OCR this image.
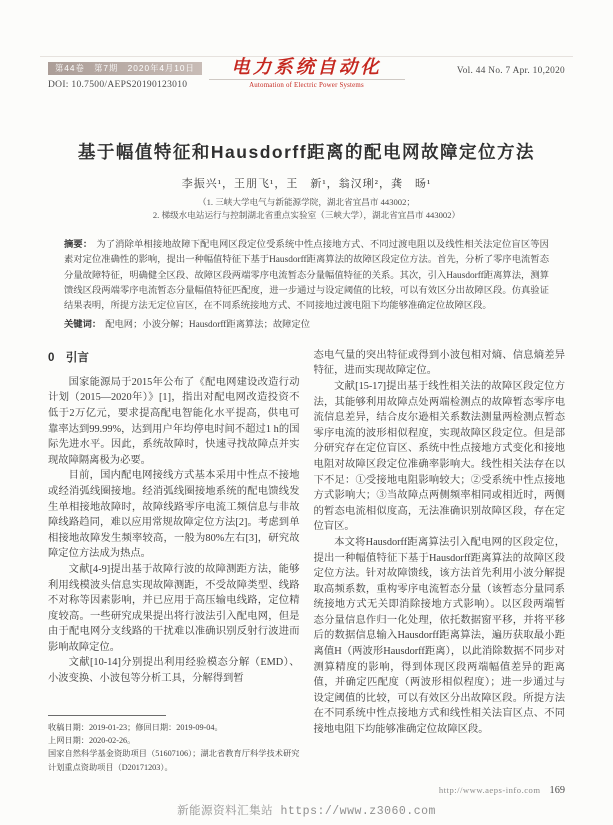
第44卷　第7期　2020年4月10日
DOI: 10.7500/AEPS20190123010
电力系统自动化
Automation of Electric Power Systems
Vol. 44 No. 7 Apr. 10,2020
基于幅值特征和Hausdorff距离的配电网故障定位方法
李振兴¹，王朋飞¹，王　新¹，翁汉琍²，龚　旸¹
（1. 三峡大学电气与新能源学院，湖北省宜昌市 443002；
2. 梯级水电站运行与控制湖北省重点实验室（三峡大学），湖北省宜昌市 443002）

摘要： 为了消除单相接地故障下配电网区段定位受系统中性点接地方式、不同过渡电阻以及线性相关法定位盲区等因素对定位准确性的影响，提出一种幅值特征下基于Hausdorff距离算法的故障区段定位方法。首先，分析了零序电流暂态分量故障特征，明确健全区段、故障区段两端零序电流暂态分量幅值特征的关系。其次，引入Hausdorff距离算法，测算馈线区段两端零序电流暂态分量幅值特征匹配度，进一步通过与设定阈值的比较，可以有效区分出故障区段。仿真验证结果表明，所提方法无定位盲区，在不同系统接地方式、不同接地过渡电阻下均能够准确定位故障区段。

关键词： 配电网；小波分解；Hausdorff距离算法；故障定位

0　引言

国家能源局于2015年公布了《配电网建设改造行动计划（2015—2020年）》[1]，指出对配电网改造投资不低于2万亿元，要求提高配电智能化水平提高，供电可靠率达到99.99%，达到用户年均停电时间不超过1 h的国际先进水平。因此，系统故障时，快速寻找故障点并实现故障隔离极为必要。

目前，国内配电网接线方式基本采用中性点不接地或经消弧线圈接地。经消弧线圈接地系统的配电馈线发生单相接地故障时，故障线路零序电流工频信息与非故障线路趋同，难以应用常规故障定位方法[2]。考虑到单相接地故障发生频率较高，一般为80%左右[3]，研究故障定位方法成为热点。

文献[4-9]提出基于故障行波的故障测距方法，能够利用线模波头信息实现故障测距，不受故障类型、线路不对称等因素影响，并已应用于高压输电线路，定位精度较高。一些研究成果提出将行波法引入配电网，但是由于配电网分支线路的干扰难以准确识别反射行波进而影响故障定位。

文献[10-14]分别提出利用经验模态分解（EMD）、小波变换、小波包等分析工具，分解得到暂

收稿日期：2019-01-23；修回日期：2019-09-04。

上网日期：2020-02-26。

国家自然科学基金资助项目（51607106）；湖北省教育厅科学技术研究计划重点资助项目（D20171203）。

态电气量的突出特征或得到小波包相对熵、信息熵差异特征，进而实现故障定位。

文献[15-17]提出基于线性相关法的故障区段定位方法，其能够利用故障点处两端检测点的故障暂态零序电流信息差异，结合皮尔逊相关系数法测量两检测点暂态零序电流的波形相似程度，实现故障区段定位。但是部分研究存在定位盲区、系统中性点接地方式变化和接地电阻对故障区段定位准确率影响大。线性相关法存在以下不足：①受接地电阻影响较大；②受系统中性点接地方式影响大；③当故障点两侧频率相同或相近时，两侧的暂态电流相似度高，无法准确识别故障区段，存在定位盲区。

本文将Hausdorff距离算法引入配电网的区段定位，提出一种幅值特征下基于Hausdorff距离算法的故障区段定位方法。针对故障馈线，该方法首先利用小波分解提取高频系数，重构零序电流暂态分量（该暂态分量同系统接地方式无关即消除接地方式影响）。以区段两端暂态分量信息作归一化处理，依托数据窗平移，并将平移后的数据信息输入Hausdorff距离算法，遍历获取最小距离值H（两波形Hausdorff距离），以此消除数据不同步对测算精度的影响，得到体现区段两端幅值差异的距离值，并确定匹配度（两波形相似程度）；进一步通过与设定阈值的比较，可以有效区分出故障区段。所提方法在不同系统中性点接地方式和线性相关法盲区点、不同接地电阻下均能够准确定位故障区段。

http://www.aeps-info.com 169
新能源资料汇集站 https://www.z3060.com
